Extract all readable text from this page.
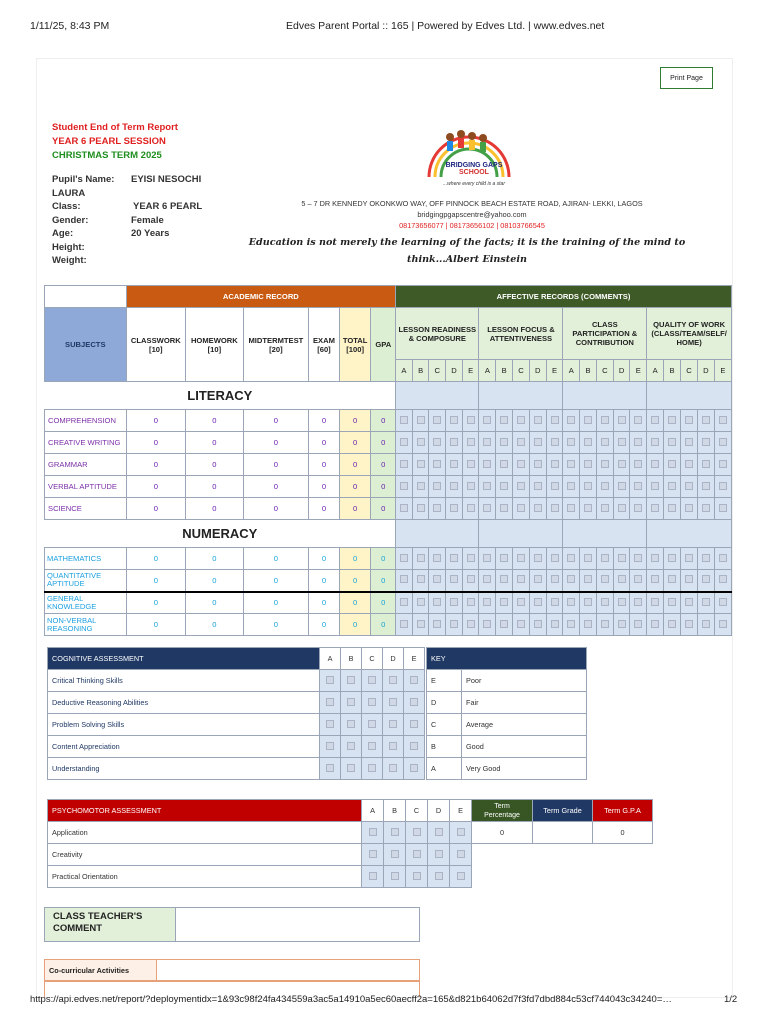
1/11/25, 8:43 PM	Edves Parent Portal :: 165 | Powered by Edves Ltd. | www.edves.net
Print Page
Student End of Term Report
YEAR 6 PEARL SESSION
CHRISTMAS TERM 2025
Pupil's Name:	EYISI NESOCHI
LAURA
Class:	YEAR 6 PEARL
Gender:	Female
Age:	20 Years
Height:
Weight:
BRIDGING GAPS
SCHOOL
...where every child is a star
5 – 7 DR KENNEDY OKONKWO WAY, OFF PINNOCK BEACH ESTATE ROAD, AJIRAN- LEKKI, LAGOS
bridgingpgapscentre@yahoo.com
08173656077 | 08173656102 | 08103766545
Education is not merely the learning of the facts; it is the training of the mind to think...Albert Einstein
	ACADEMIC RECORD						AFFECTIVE RECORDS (COMMENTS)																			
SUBJECTS	CLASSWORK [10]	HOMEWORK [10]	MIDTERMTEST [20]	EXAM [60]	TOTAL [100]	GPA	LESSON READINESS & COMPOSURE					LESSON FOCUS & ATTENTIVENESS					CLASS PARTICIPATION & CONTRIBUTION					QUALITY OF WORK (CLASS/TEAM/SELF/ HOME)				
							A	B	C	D	E	A	B	C	D	E	A	B	C	D	E	A	B	C	D	E
LITERACY																										
COMPREHENSION	0	0	0	0	0	0																				
CREATIVE WRITING	0	0	0	0	0	0																				
GRAMMAR	0	0	0	0	0	0																				
VERBAL APTITUDE	0	0	0	0	0	0																				
SCIENCE	0	0	0	0	0	0																				
NUMERACY																										
MATHEMATICS	0	0	0	0	0	0																				
QUANTITATIVE APTITUDE	0	0	0	0	0	0																				
GENERAL KNOWLEDGE	0	0	0	0	0	0																				
NON-VERBAL REASONING	0	0	0	0	0	0																				
COGNITIVE ASSESSMENT	A	B	C	D	E
Critical Thinking Skills					
Deductive Reasoning Abilities					
Problem Solving Skills					
Content Appreciation					
Understanding					
KEY	
E	Poor
D	Fair
C	Average
B	Good
A	Very Good
PSYCHOMOTOR ASSESSMENT	A	B	C	D	E
Application					
Creativity					
Practical Orientation					
Term Percentage	Term Grade	Term G.P.A
0		0
CLASS TEACHER'S COMMENT
Co-curricular Activities
https://api.edves.net/report/?deploymentidx=1&93c98f24fa434559a3ac5a14910a5ec60aecff2a=165&d821b64062d7f3fd7dbd884c53cf744043c34240=…	1/2
